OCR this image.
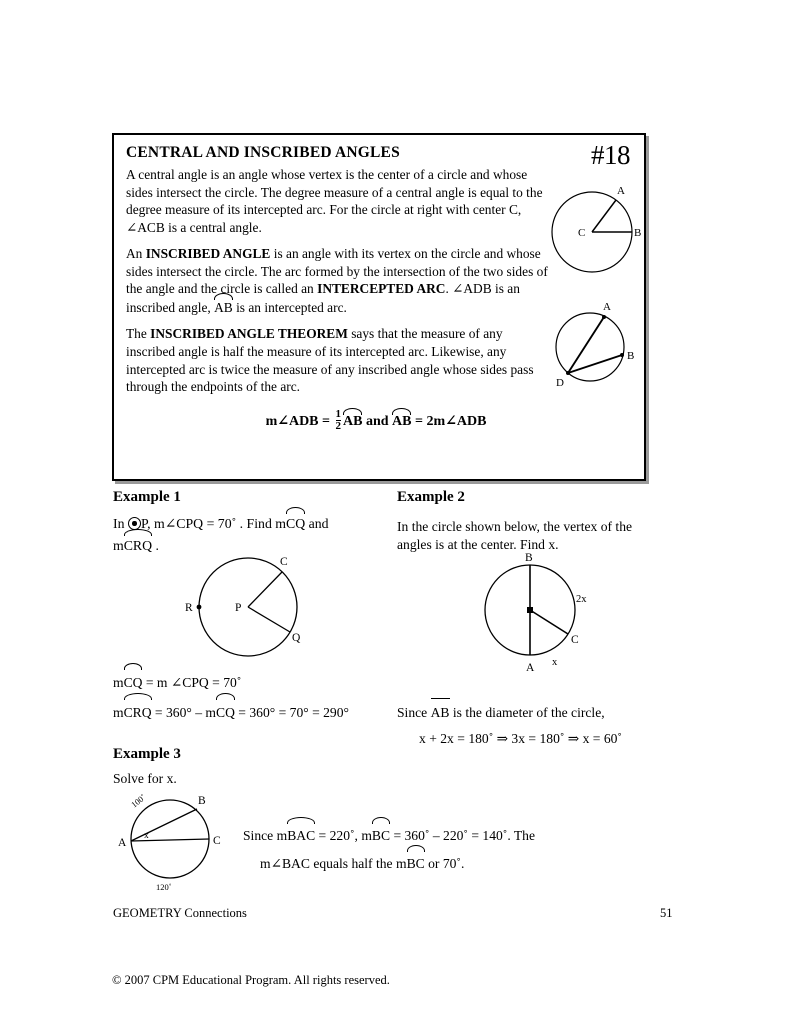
CENTRAL AND INSCRIBED ANGLES	#18

A central angle is an angle whose vertex is the center of a circle and whose sides intersect the circle. The degree measure of a central angle is equal to the degree measure of its intercepted arc. For the circle at right with center C, ∠ACB is a central angle.

An INSCRIBED ANGLE is an angle with its vertex on the circle and whose sides intersect the circle. The arc formed by the intersection of the two sides of the angle and the circle is called an INTERCEPTED ARC. ∠ADB is an inscribed angle,
AB is an intercepted arc.

The INSCRIBED ANGLE THEOREM says that the measure of any inscribed angle is half the measure of its intercepted arc. Likewise, any intercepted arc is twice the measure of any inscribed angle whose sides pass through the endpoints of the arc.

m∠ADB = $\frac{1}{2}$ AB and
AB = 2m∠ADB
A
B
C
A
B
D
Example 1
In
P, m∠CPQ = 70˚ . Find m
CQ and
m
CRQ .
C
P
Q
R
m
CQ = m ∠CPQ = 70˚
m
CRQ = 360° – m
CQ = 360° = 70° = 290°
Example 2
In the circle shown below, the vertex of the angles is at the center. Find x.
B
A
C
2x
x
Since
AB is the diameter of the circle,
x + 2x = 180˚ ⇒ 3x = 180˚ ⇒ x = 60˚
Example 3
Solve for x.
A
B
C
x
100˚
120˚
Since m
BAC = 220˚, m
BC = 360˚ – 220˚ = 140˚. The
m∠BAC equals half the m
BC or 70˚.
GEOMETRY Connections	51
© 2007 CPM Educational Program. All rights reserved.
